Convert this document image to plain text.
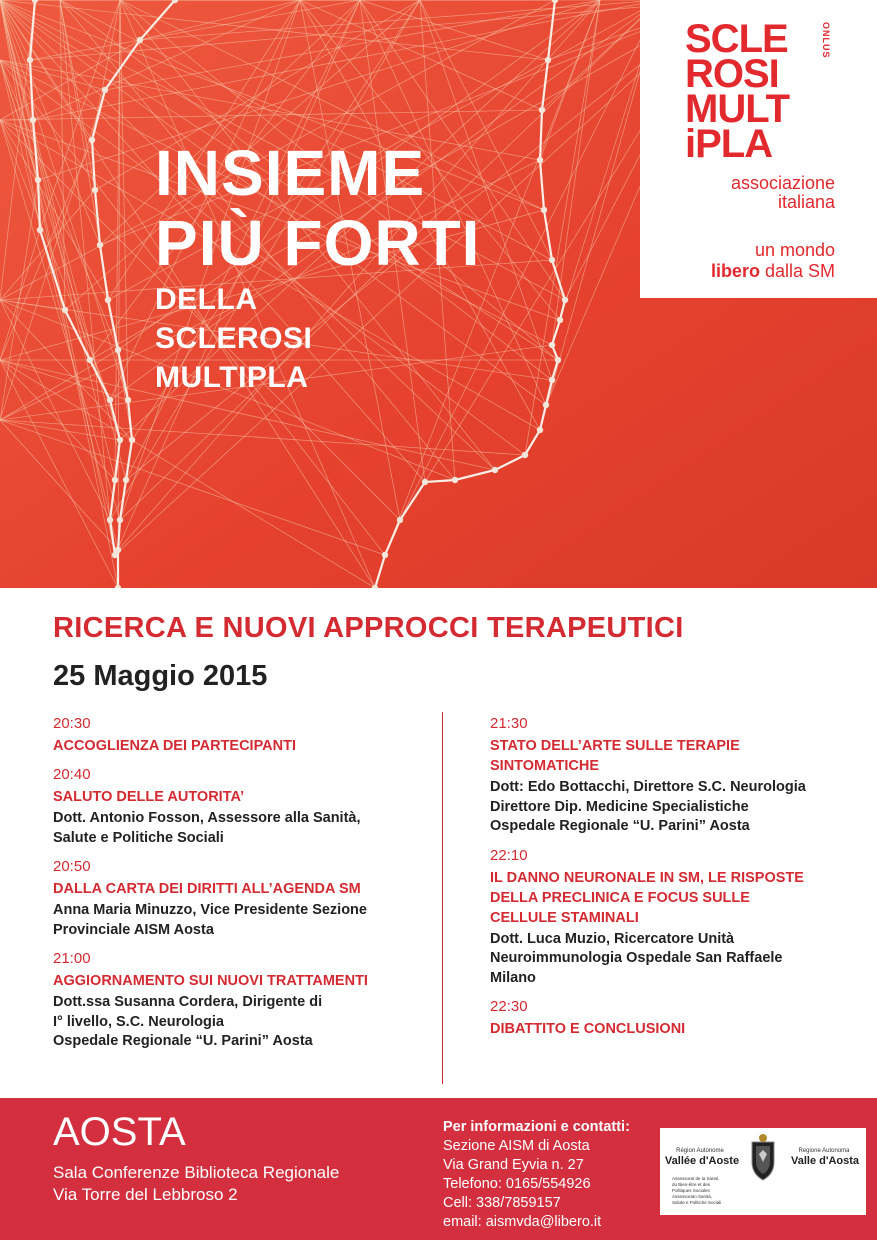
INSIEME
PIÙ FORTI
DELLA
SCLEROSI
MULTIPLA
SCLE
ROSI
MULT
iPLA
ONLUS
associazione
italiana
un mondo
libero dalla SM
RICERCA E NUOVI APPROCCI TERAPEUTICI
25 Maggio 2015
20:30
ACCOGLIENZA DEI PARTECIPANTI
20:40
SALUTO DELLE AUTORITA’
Dott. Antonio Fosson, Assessore alla Sanità,
Salute e Politiche Sociali
20:50
DALLA CARTA DEI DIRITTI ALL’AGENDA SM
Anna Maria Minuzzo, Vice Presidente Sezione
Provinciale AISM Aosta
21:00
AGGIORNAMENTO SUI NUOVI TRATTAMENTI
Dott.ssa Susanna Cordera, Dirigente di
I° livello, S.C. Neurologia
Ospedale Regionale “U. Parini” Aosta
21:30
STATO DELL’ARTE SULLE TERAPIE
SINTOMATICHE
Dott: Edo Bottacchi, Direttore S.C. Neurologia
Direttore Dip. Medicine Specialistiche
Ospedale Regionale “U. Parini” Aosta
22:10
IL DANNO NEURONALE IN SM, LE RISPOSTE
DELLA PRECLINICA E FOCUS SULLE
CELLULE STAMINALI
Dott. Luca Muzio, Ricercatore Unità
Neuroimmunologia Ospedale San Raffaele
Milano
22:30
DIBATTITO E CONCLUSIONI
AOSTA
Sala Conferenze Biblioteca Regionale
Via Torre del Lebbroso 2
Per informazioni e contatti:
Sezione AISM di Aosta
Via Grand Eyvia n. 27
Telefono: 0165/554926
Cell: 338/7859157
email: aismvda@libero.it
Région Autonome
Vallée d'Aoste
Regione Autonoma
Valle d'Aosta
Assessorat de la Santé,
du Bien-être et des
Politiques Sociales
Assessorato Sanità,
Salute e Politiche Sociali
